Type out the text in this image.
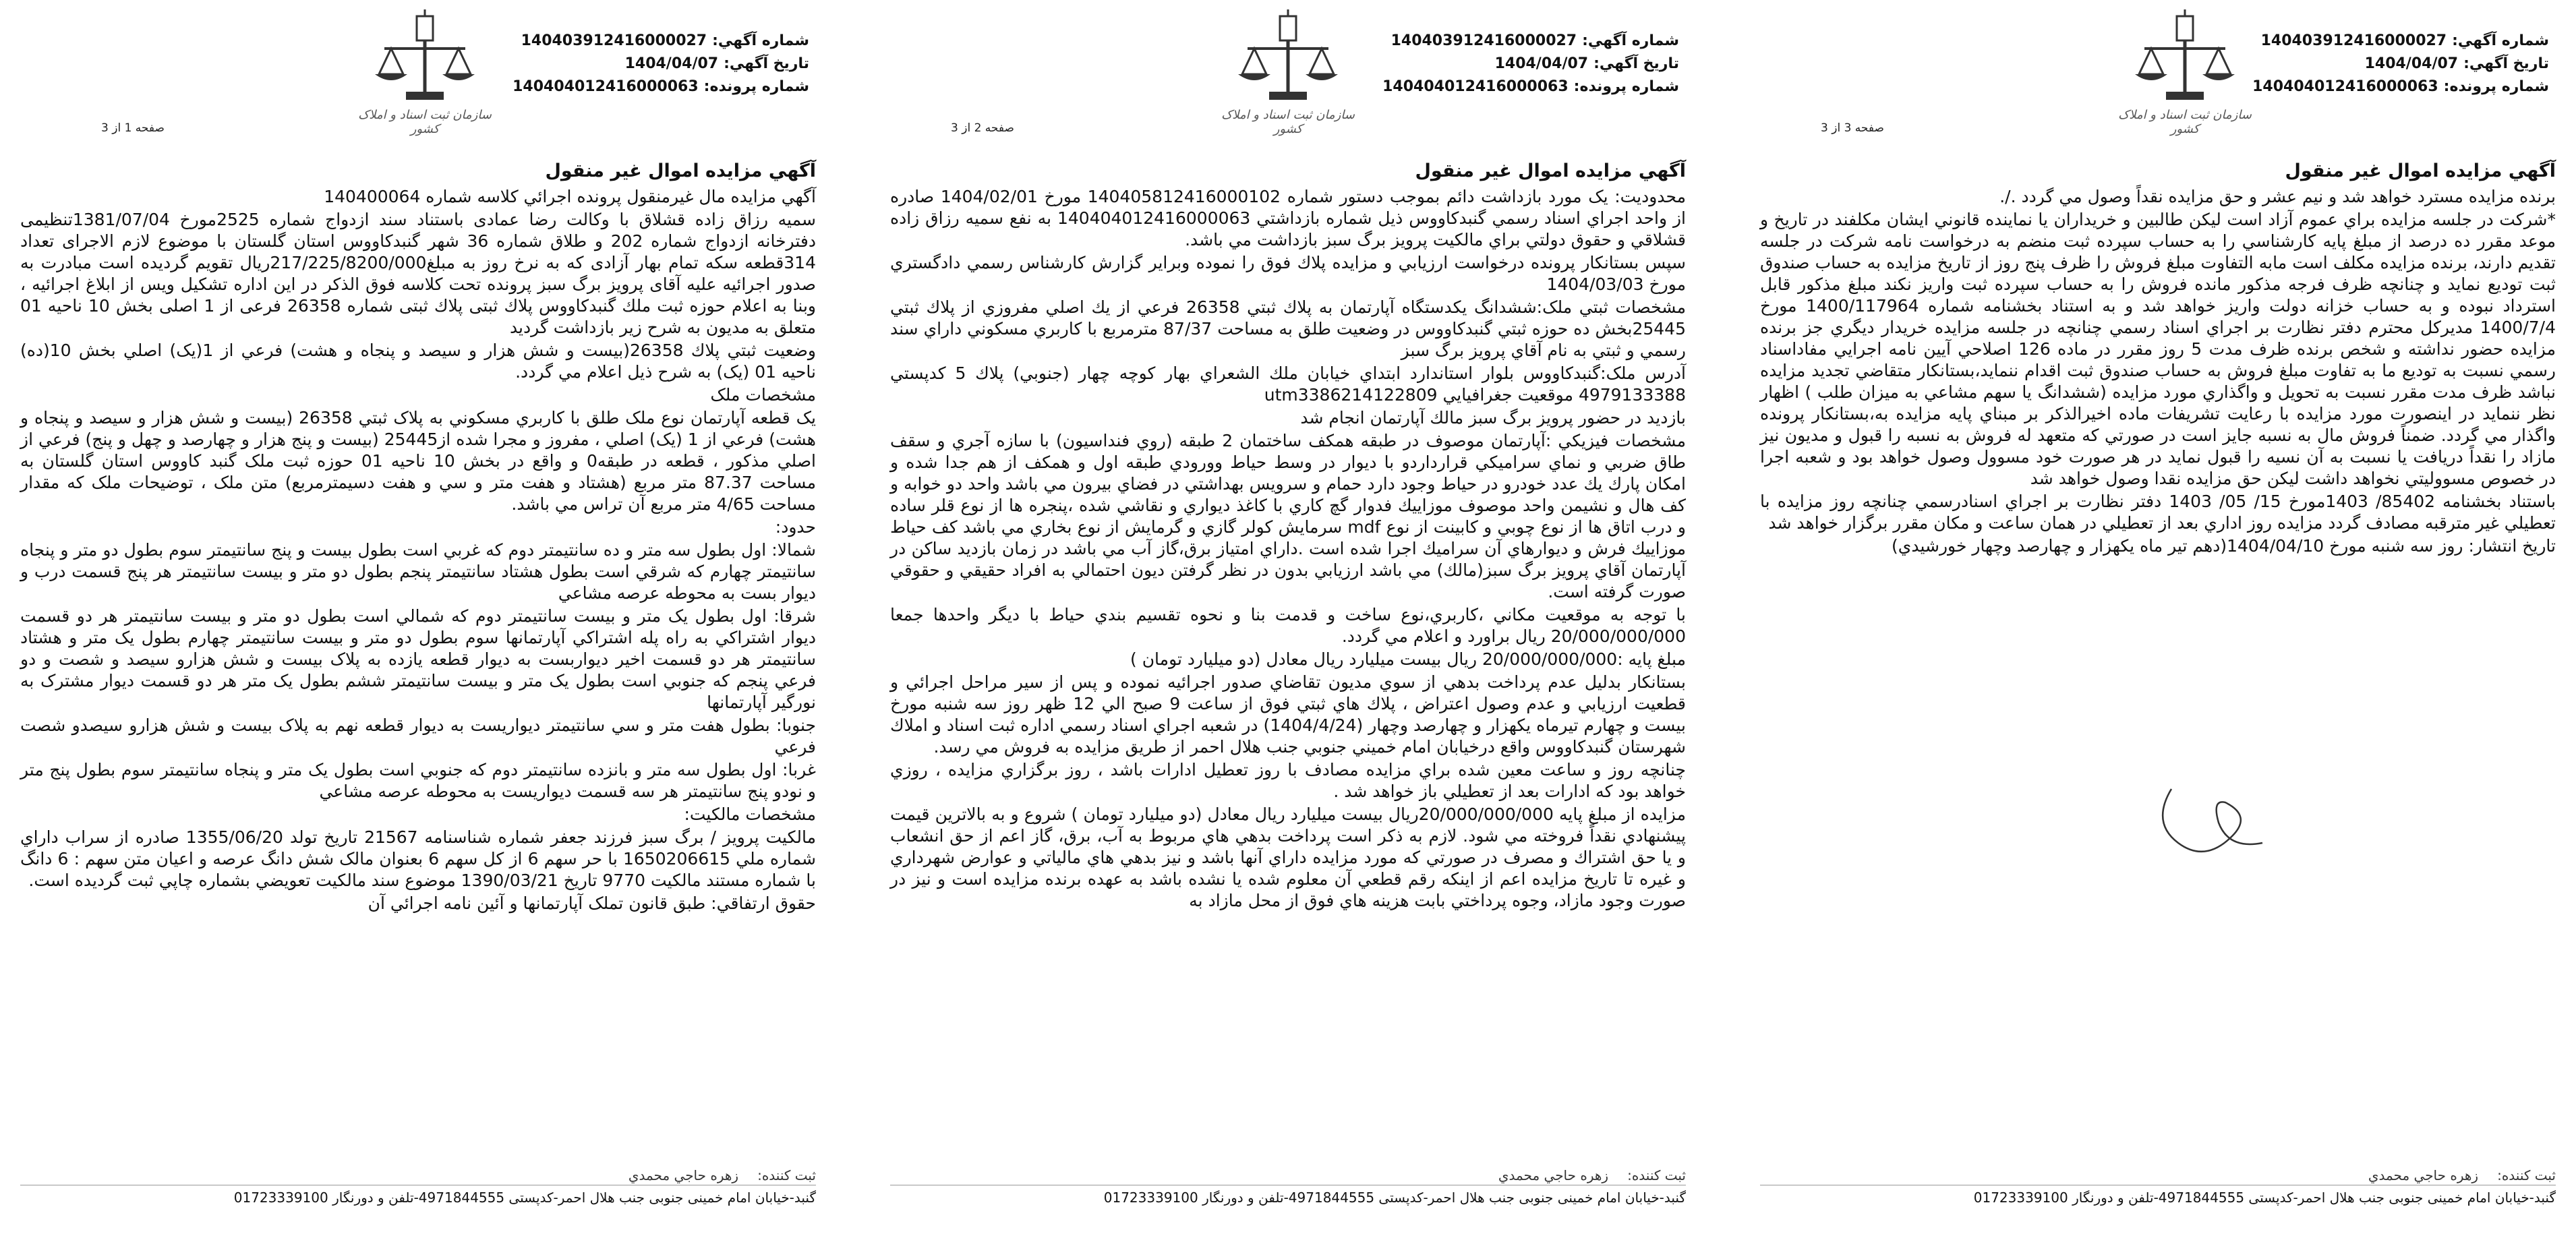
صفحه 1 از 3
سازمان ثبت اسناد و املاک کشور
شماره آگهي:140403912416000027
تاريخ آگهي:1404/04/07
شماره پرونده:140404012416000063
آگهي مزايده اموال غير منقول

آگهي مزايده مال غيرمنقول پرونده اجرائي كلاسه شماره 140400064

سمیه رزاق زاده قشلاق با وكالت رضا عمادی باستناد سند ازدواج شماره 2525مورخ 1381/07/04تنظیمی دفترخانه ازدواج شماره 202 و طلاق شماره 36 شهر گنبدكاووس استان گلستان با موضوع لازم الاجرای تعداد 314قطعه سكه تمام بهار آزادی كه به نرخ روز به مبلغ217/225/8200/000ريال تقويم گرديده است مبادرت به صدور اجرائیه علیه آقای پرویز برگ سبز پرونده تحت كلاسه فوق الذكر در این اداره تشكیل ویس از ابلاغ اجرائیه ، وبنا به اعلام حوزه ثبت ملك گنبدكاووس پلاك ثبتی پلاك ثبتی شماره 26358 فرعی از 1 اصلی بخش 10 ناحیه 01 متعلق به مدیون به شرح زیر بازداشت گردید

وضعيت ثبتي پلاك 26358(بيست و شش هزار و سيصد و پنجاه و هشت) فرعي از 1(يک) اصلي بخش 10(ده) ناحيه 01 (يک) به شرح ذيل اعلام مي گردد.

مشخصات ملک

يک قطعه آپارتمان نوع ملک طلق با کاربري مسکوني به پلاک ثبتي 26358 (بيست و شش هزار و سيصد و پنجاه و هشت) فرعي از 1 (يک) اصلي ، مفروز و مجرا شده از25445 (بيست و پنج هزار و چهارصد و چهل و پنج) فرعي از اصلي مذکور ، قطعه در طبقه0 و واقع در بخش 10 ناحيه 01 حوزه ثبت ملک گنبد کاووس استان گلستان به مساحت 87.37 متر مربع (هشتاد و هفت متر و سي و هفت دسيمترمربع) متن ملک ، توضيحات ملک که مقدار مساحت 4/65 متر مربع آن تراس مي باشد.

حدود:

شمالا: اول بطول سه متر و ده سانتيمتر دوم که غربي است بطول بيست و پنج سانتيمتر سوم بطول دو متر و پنجاه سانتيمتر چهارم که شرقي است بطول هشتاد سانتيمتر پنجم بطول دو متر و بيست سانتيمتر هر پنج قسمت درب و ديوار بست به محوطه عرصه مشاعي

شرقا: اول بطول يک متر و بيست سانتيمتر دوم که شمالي است بطول دو متر و بيست سانتيمتر هر دو قسمت ديوار اشتراکي به راه پله اشتراکي آپارتمانها سوم بطول دو متر و بيست سانتيمتر چهارم بطول يک متر و هشتاد سانتيمتر هر دو قسمت اخير ديواربست به ديوار قطعه يازده به پلاک بيست و شش هزارو سيصد و شصت و دو فرعي پنجم که جنوبي است بطول يک متر و بيست سانتيمتر ششم بطول يک متر هر دو قسمت ديوار مشترک به نورگير آپارتمانها

جنوبا: بطول هفت متر و سي سانتيمتر ديواريست به ديوار قطعه نهم به پلاک بيست و شش هزارو سيصدو شصت فرعي

غربا: اول بطول سه متر و بانزده سانتيمتر دوم که جنوبي است بطول يک متر و پنجاه سانتيمتر سوم بطول پنج متر و نودو پنج سانتيمتر هر سه قسمت ديواريست به محوطه عرصه مشاعي

مشخصات مالکيت:

مالکيت پرويز / برگ سبز فرزند جعفر شماره شناسنامه 21567 تاريخ تولد 1355/06/20 صادره از سراب داراي شماره ملي 1650206615 با حر سهم 6 از کل سهم 6 بعنوان مالک شش دانگ عرصه و اعيان متن سهم : 6 دانگ با شماره مستند مالکيت 9770 تاريخ 1390/03/21 موضوع سند مالکيت تعويضي بشماره چاپي ثبت گرديده است.

حقوق ارتفاقي: طبق قانون تملک آپارتمانها و آئين نامه اجرائي آن

ثبت کننده:زهره حاجي محمدي
گنبد-خیابان امام خمینی جنوبی جنب هلال احمر-كدپستی 4971844555-تلفن و دورنگار 01723339100
صفحه 2 از 3
سازمان ثبت اسناد و املاک کشور
شماره آگهي:140403912416000027
تاريخ آگهي:1404/04/07
شماره پرونده:140404012416000063
آگهي مزايده اموال غير منقول

محدوديت: يک مورد بازداشت دائم بموجب دستور شماره 140405812416000102 مورخ 1404/02/01 صادره از واحد اجراي اسناد رسمي گنبدکاووس ذيل شماره بازداشتي 140404012416000063 به نفع سميه رزاق زاده قشلاقي و حقوق دولتي براي مالکيت پرويز برگ سبز بازداشت مي باشد.

سپس بستانكار پرونده درخواست ارزيابي و مزايده پلاك فوق را نموده وبراير گزارش كارشناس رسمي دادگستري مورخ 1404/03/03

مشخصات ثبتي ملک:ششدانگ يكدستگاه آپارتمان به پلاك ثبتي 26358 فرعي از يك اصلي مفروزي از پلاك ثبتي 25445بخش ده حوزه ثبتي گنبدكاووس در وضعيت طلق به مساحت 87/37 مترمربع با كاربري مسكوني داراي سند رسمي و ثبتي به نام آقاي پرويز برگ سبز

آدرس ملک:گنبدكاووس بلوار استاندارد ابتداي خيابان ملك الشعراي بهار كوچه چهار (جنوبي) پلاك 5 كدپستي 4979133388 موقعيت جغرافيايي utm3386214122809

بازديد در حضور پرويز برگ سبز مالك آپارتمان انجام شد

مشخصات فيزيكي :آپارتمان موصوف در طبقه همكف ساختمان 2 طبقه (روي فنداسيون) با سازه آجري و سقف طاق ضربي و نماي سراميكي قرارداردو با ديوار در وسط حياط وورودي طبقه اول و همكف از هم جدا شده و امكان پارك يك عدد خودرو در حياط وجود دارد حمام و سرويس بهداشتي در فضاي بيرون مي باشد واحد دو خوابه و كف هال و نشيمن واحد موصوف موزاييك فدوار گچ كاري با كاغذ ديواري و نقاشي شده ،پنجره ها از نوع قلر ساده و درب اتاق ها از نوع چوبي و كابينت از نوع mdf سرمايش كولر گازي و گرمايش از نوع بخاري مي باشد كف حياط موزاييك فرش و ديوارهاي آن سراميك اجرا شده است .داراي امتياز برق،گاز آب مي باشد در زمان بازديد ساكن در آپارتمان آقاي پرويز برگ سبز(مالك) مي باشد ارزيابي بدون در نظر گرفتن ديون احتمالي به افراد حقيقي و حقوقي صورت گرفته است.

با توجه به موقعيت مكاني ،كاربري،نوع ساخت و قدمت بنا و نحوه تقسيم بندي حياط با ديگر واحدها جمعا 20/000/000/000 ريال براورد و اعلام مي گردد.

مبلغ پايه :20/000/000/000 ريال بيست ميليارد ريال معادل (دو ميليارد تومان )

بستانكار بدليل عدم پرداخت بدهي از سوي مديون تقاضاي صدور اجرائيه نموده و پس از سير مراحل اجرائي و قطعيت ارزيابي و عدم وصول اعتراض ، پلاك هاي ثبتي فوق از ساعت 9 صبح الي 12 ظهر روز سه شنبه مورخ بيست و چهارم تيرماه يكهزار و چهارصد وچهار (1404/4/24) در شعبه اجراي اسناد رسمي اداره ثبت اسناد و املاك شهرستان گنبدكاووس واقع درخيابان امام خميني جنوبي جنب هلال احمر از طريق مزايده به فروش مي رسد.

چنانچه روز و ساعت معين شده براي مزايده مصادف با روز تعطيل ادارات باشد ، روز برگزاري مزايده ، روزي خواهد بود كه ادارات بعد از تعطيلي باز خواهد شد .

مزايده از مبلغ پايه 20/000/000/000ريال بيست ميليارد ريال معادل (دو ميليارد تومان ) شروع و به بالاترين قيمت پيشنهادي نقداً فروخته مي شود. لازم به ذكر است پرداخت بدهي هاي مربوط به آب، برق، گاز اعم از حق انشعاب و يا حق اشتراك و مصرف در صورتي كه مورد مزايده داراي آنها باشد و نيز بدهي هاي مالياتي و عوارض شهرداري و غيره تا تاريخ مزايده اعم از اينكه رقم قطعي آن معلوم شده يا نشده باشد به عهده برنده مزايده است و نيز در صورت وجود مازاد، وجوه پرداختي بابت هزينه هاي فوق از محل مازاد به

ثبت کننده:زهره حاجي محمدي
گنبد-خیابان امام خمینی جنوبی جنب هلال احمر-كدپستی 4971844555-تلفن و دورنگار 01723339100
صفحه 3 از 3
سازمان ثبت اسناد و املاک کشور
شماره آگهي:140403912416000027
تاريخ آگهي:1404/04/07
شماره پرونده:140404012416000063
آگهي مزايده اموال غير منقول

برنده مزايده مسترد خواهد شد و نيم عشر و حق مزايده نقداً وصول مي گردد ./.

*شركت در جلسه مزايده براي عموم آزاد است ليكن طالبين و خريداران يا نماينده قانوني ايشان مكلفند در تاريخ و موعد مقرر ده درصد از مبلغ پايه كارشناسي را به حساب سپرده ثبت منضم به درخواست نامه شركت در جلسه تقديم دارند، برنده مزايده مكلف است مابه التفاوت مبلغ فروش را ظرف پنج روز از تاريخ مزايده به حساب صندوق ثبت توديع نمايد و چنانچه ظرف فرجه مذكور مانده فروش را به حساب سپرده ثبت واريز نكند مبلغ مذكور قابل استرداد نبوده و به حساب خزانه دولت واريز خواهد شد و به استناد بخشنامه شماره 1400/117964 مورخ 1400/7/4 مديركل محترم دفتر نظارت بر اجراي اسناد رسمي چنانچه در جلسه مزايده خريدار ديگري جز برنده مزايده حضور نداشته و شخص برنده ظرف مدت 5 روز مقرر در ماده 126 اصلاحي آيين نامه اجرايي مفاداسناد رسمي نسبت به توديع ما به تفاوت مبلغ فروش به حساب صندوق ثبت اقدام ننمايد،بستانكار متقاضي تجديد مزايده نباشد ظرف مدت مقرر نسبت به تحويل و واگذاري مورد مزايده (ششدانگ يا سهم مشاعي به ميزان طلب ) اظهار نظر ننمايد در اينصورت مورد مزايده با رعايت تشريفات ماده اخيرالذكر بر مبناي پايه مزايده به،بستانكار پرونده واگذار مي گردد. ضمناً فروش مال به نسبه جايز است در صورتي كه متعهد له فروش به نسبه را قبول و مديون نيز مازاد را نقداً دريافت يا نسبت به آن نسيه را قبول نمايد در هر صورت خود مسوول وصول خواهد بود و شعبه اجرا در خصوص مسووليتي نخواهد داشت ليكن حق مزايده نقدا وصول خواهد شد

باستناد بخشنامه 85402/ 1403مورخ 15/ 05/ 1403 دفتر نظارت بر اجراي اسنادرسمي چنانچه روز مزايده با تعطيلي غير مترقبه مصادف گردد مزايده روز اداري بعد از تعطيلي در همان ساعت و مكان مقرر برگزار خواهد شد

تاريخ انتشار: روز سه شنبه مورخ 1404/04/10(دهم تير ماه يكهزار و چهارصد وچهار خورشيدي)

ثبت کننده:زهره حاجي محمدي
گنبد-خیابان امام خمینی جنوبی جنب هلال احمر-كدپستی 4971844555-تلفن و دورنگار 01723339100
